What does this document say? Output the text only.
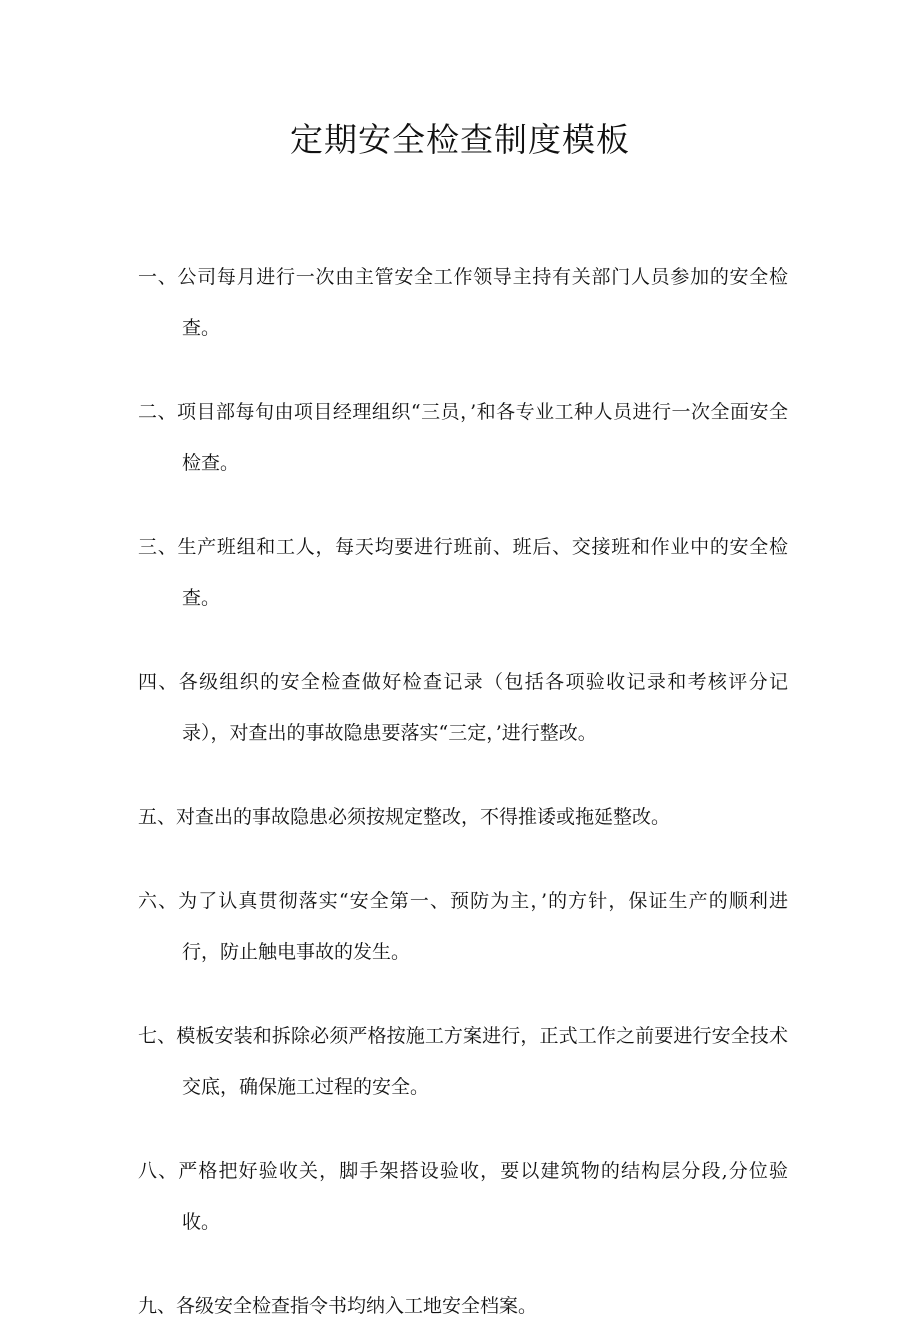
定期安全检查制度模板
一、公司每月进行一次由主管安全工作领导主持有关部门人员参加的安全检查。
二、项目部每旬由项目经理组织“三员，’和各专业工种人员进行一次全面安全检查。
三、生产班组和工人，每天均要进行班前、班后、交接班和作业中的安全检查。
四、各级组织的安全检查做好检查记录（包括各项验收记录和考核评分记录），对查出的事故隐患要落实“三定，’进行整改。
五、对查出的事故隐患必须按规定整改，不得推诿或拖延整改。
六、为了认真贯彻落实“安全第一、预防为主，’的方针，保证生产的顺利进行，防止触电事故的发生。
七、模板安装和拆除必须严格按施工方案进行，正式工作之前要进行安全技术交底，确保施工过程的安全。
八、严格把好验收关，脚手架搭设验收，要以建筑物的结构层分段,分位验收。
九、各级安全检查指令书均纳入工地安全档案。
